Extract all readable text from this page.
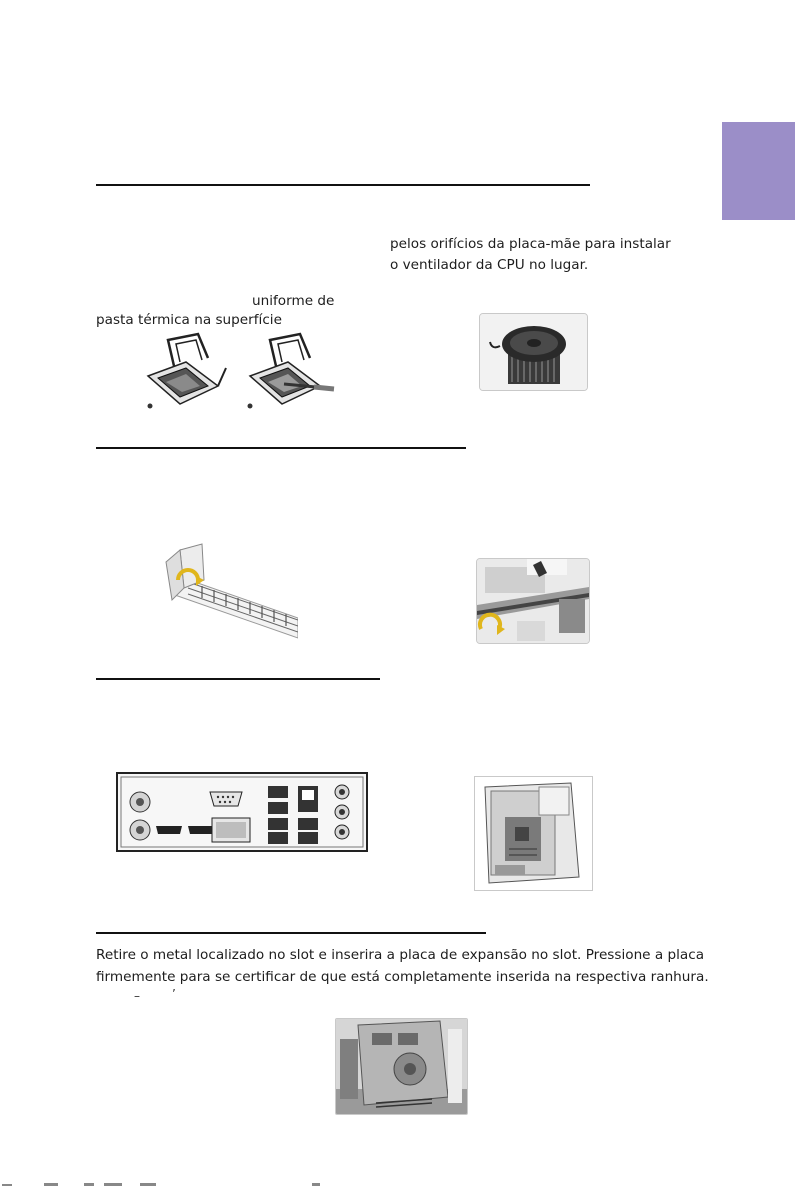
pelos orifícios da placa-mãe para instalar
o ventilador da CPU no lugar.
uniforme de
pasta térmica na superfície
Retire o metal localizado no slot e inserira a placa de expansão no slot. Pressione a placa
firmemente para se certificar de que está completamente inserida na respectiva ranhura.
–	’
